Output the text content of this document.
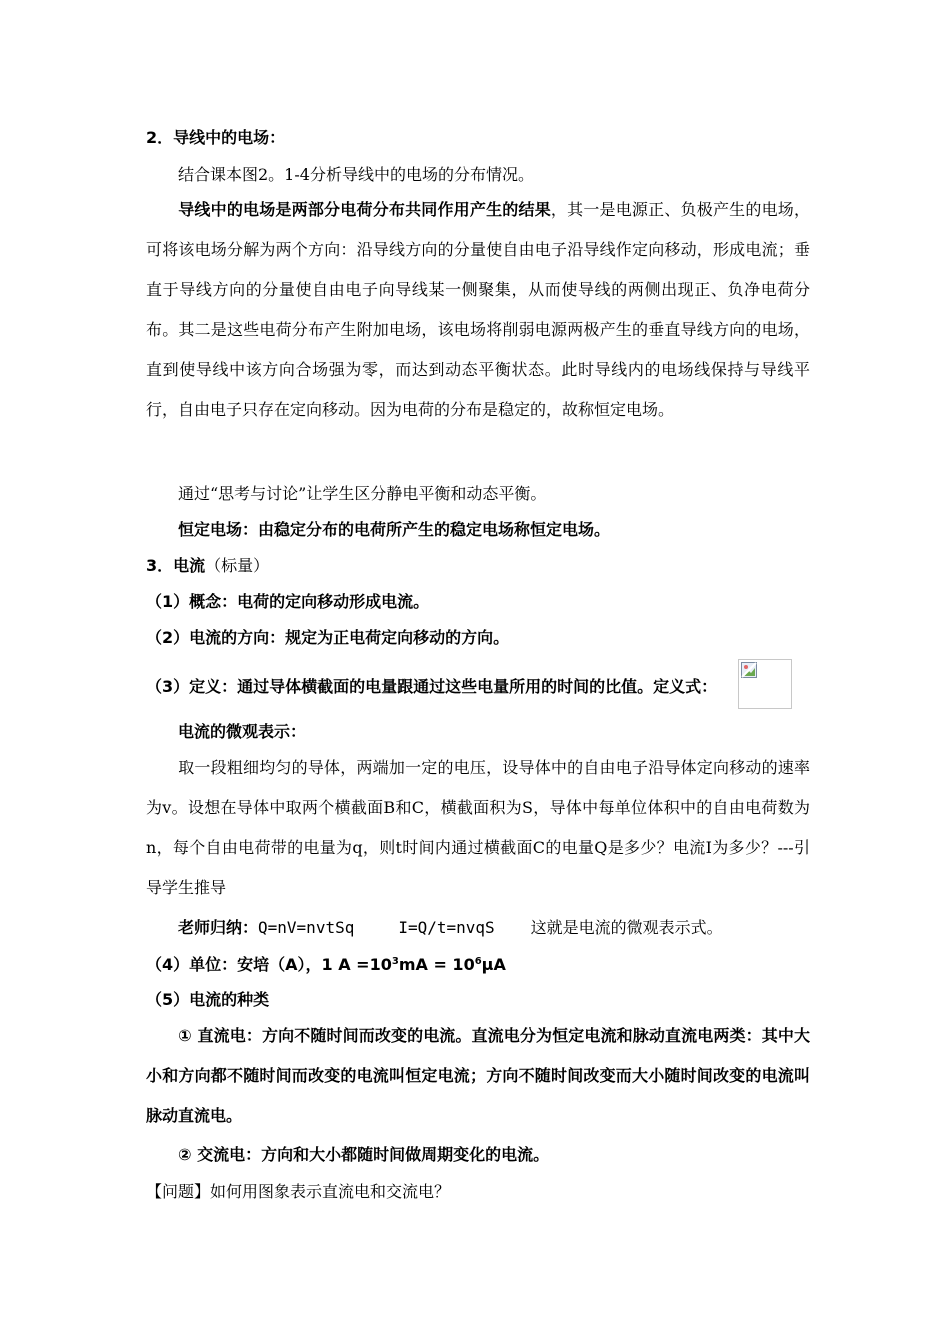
2．导线中的电场：
结合课本图2。1-4分析导线中的电场的分布情况。
导线中的电场是两部分电荷分布共同作用产生的结果，其一是电源正、负极产生的电场，可将该电场分解为两个方向：沿导线方向的分量使自由电子沿导线作定向移动，形成电流；垂直于导线方向的分量使自由电子向导线某一侧聚集，从而使导线的两侧出现正、负净电荷分布。其二是这些电荷分布产生附加电场，该电场将削弱电源两极产生的垂直导线方向的电场，直到使导线中该方向合场强为零，而达到动态平衡状态。此时导线内的电场线保持与导线平行，自由电子只存在定向移动。因为电荷的分布是稳定的，故称恒定电场。
通过“思考与讨论”让学生区分静电平衡和动态平衡。
恒定电场：由稳定分布的电荷所产生的稳定电场称恒定电场。
3．电流（标量）
（1）概念：电荷的定向移动形成电流。
（2）电流的方向：规定为正电荷定向移动的方向。
（3）定义：通过导体横截面的电量跟通过这些电量所用的时间的比值。定义式：
电流的微观表示：
取一段粗细均匀的导体，两端加一定的电压，设导体中的自由电子沿导体定向移动的速率为v。设想在导体中取两个横截面B和C，横截面积为S，导体中每单位体积中的自由电荷数为n，每个自由电荷带的电量为q，则t时间内通过横截面C的电量Q是多少？电流I为多少？---引导学生推导
老师归纳：Q=nV=nvtSq	I=Q/t=nvqS 这就是电流的微观表示式。
（4）单位：安培（A），1 $A =10^3mA = 10^6\mu A$
（5）电流的种类
① 直流电：方向不随时间而改变的电流。直流电分为恒定电流和脉动直流电两类：其中大小和方向都不随时间而改变的电流叫恒定电流；方向不随时间改变而大小随时间改变的电流叫脉动直流电。
② 交流电：方向和大小都随时间做周期变化的电流。
【问题】如何用图象表示直流电和交流电？
